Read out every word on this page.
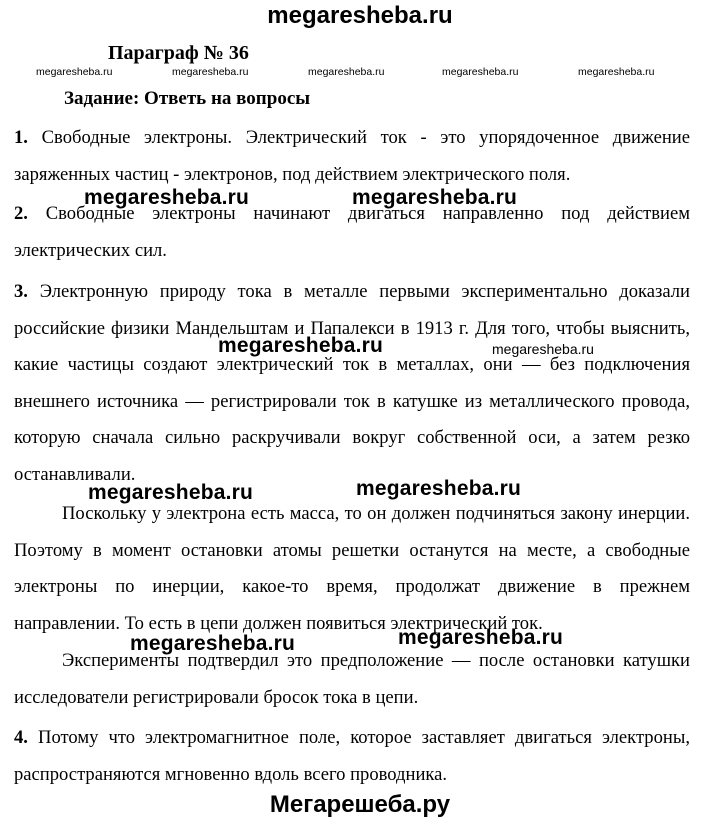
megaresheba.ru
Параграф № 36
Задание: Ответь на вопросы
megaresheba.ru	megaresheba.ru	megaresheba.ru	megaresheba.ru	megaresheba.ru

1. Свободные электроны. Электрический ток - это упорядоченное движение заряженных частиц - электронов, под действием электрического поля.

2. Свободные электроны начинают двигаться направленно под действием электрических сил.

3. Электронную природу тока в металле первыми экспериментально доказали российские физики Мандельштам и Папалекси в 1913 г. Для того, чтобы выяснить, какие частицы создают электрический ток в металлах, они — без подключения внешнего источника — регистрировали ток в катушке из металлического провода, которую сначала сильно раскручивали вокруг собственной оси, а затем резко останавливали.

Поскольку у электрона есть масса, то он должен подчиняться закону инерции. Поэтому в момент остановки атомы решетки останутся на месте, а свободные электроны по инерции, какое-то время, продолжат движение в прежнем направлении. То есть в цепи должен появиться электрический ток.

Эксперименты подтвердил это предположение — после остановки катушки исследователи регистрировали бросок тока в цепи.

4. Потому что электромагнитное поле, которое заставляет двигаться электроны, распространяются мгновенно вдоль всего проводника.

megaresheba.ru	megaresheba.ru
megaresheba.ru	megaresheba.ru
megaresheba.ru	megaresheba.ru
megaresheba.ru	megaresheba.ru
Мегарешеба.ру
